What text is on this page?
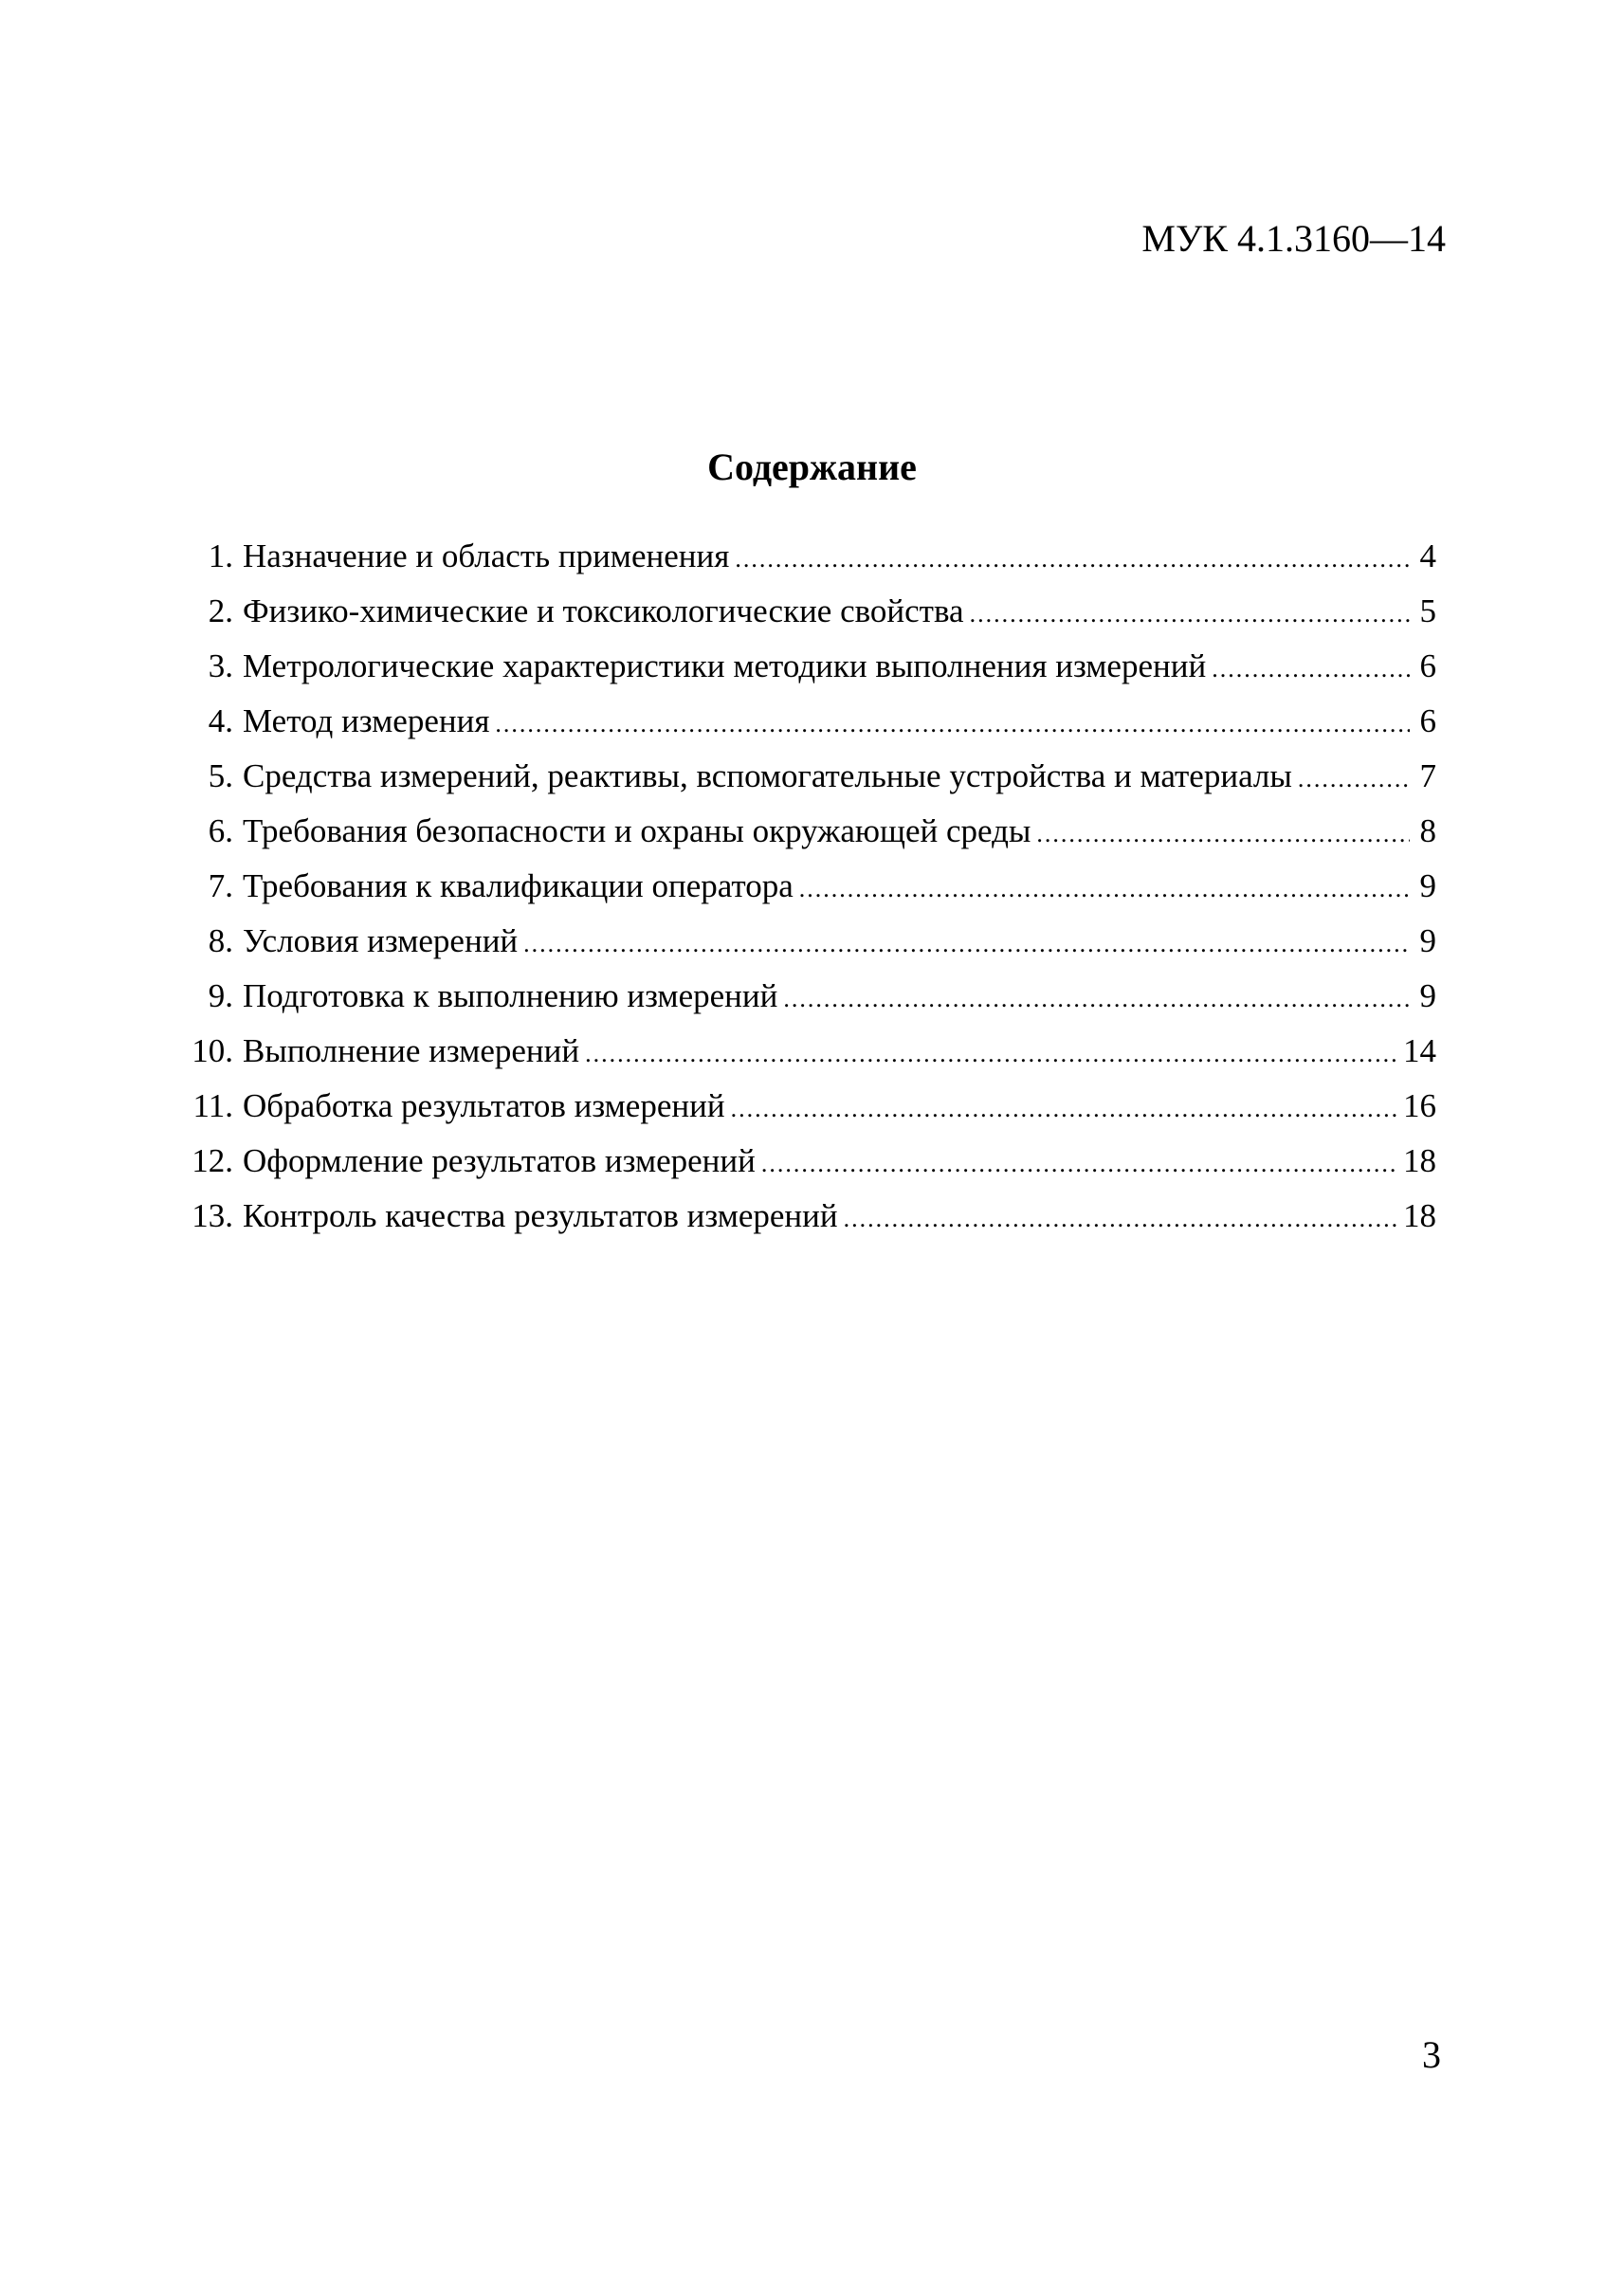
МУК 4.1.3160—14
Содержание
1. Назначение и область применения .....	4
2. Физико-химические и токсикологические свойства .....	5
3. Метрологические характеристики методики выполнения измерений .....	6
4. Метод измерения .....	6
5. Средства измерений, реактивы, вспомогательные устройства и материалы .....	7
6. Требования безопасности и охраны окружающей среды .....	8
7. Требования к квалификации оператора .....	9
8. Условия измерений .....	9
9. Подготовка к выполнению измерений .....	9
10. Выполнение измерений .....	14
11. Обработка результатов измерений .....	16
12. Оформление результатов измерений .....	18
13. Контроль качества результатов измерений .....	18
3
